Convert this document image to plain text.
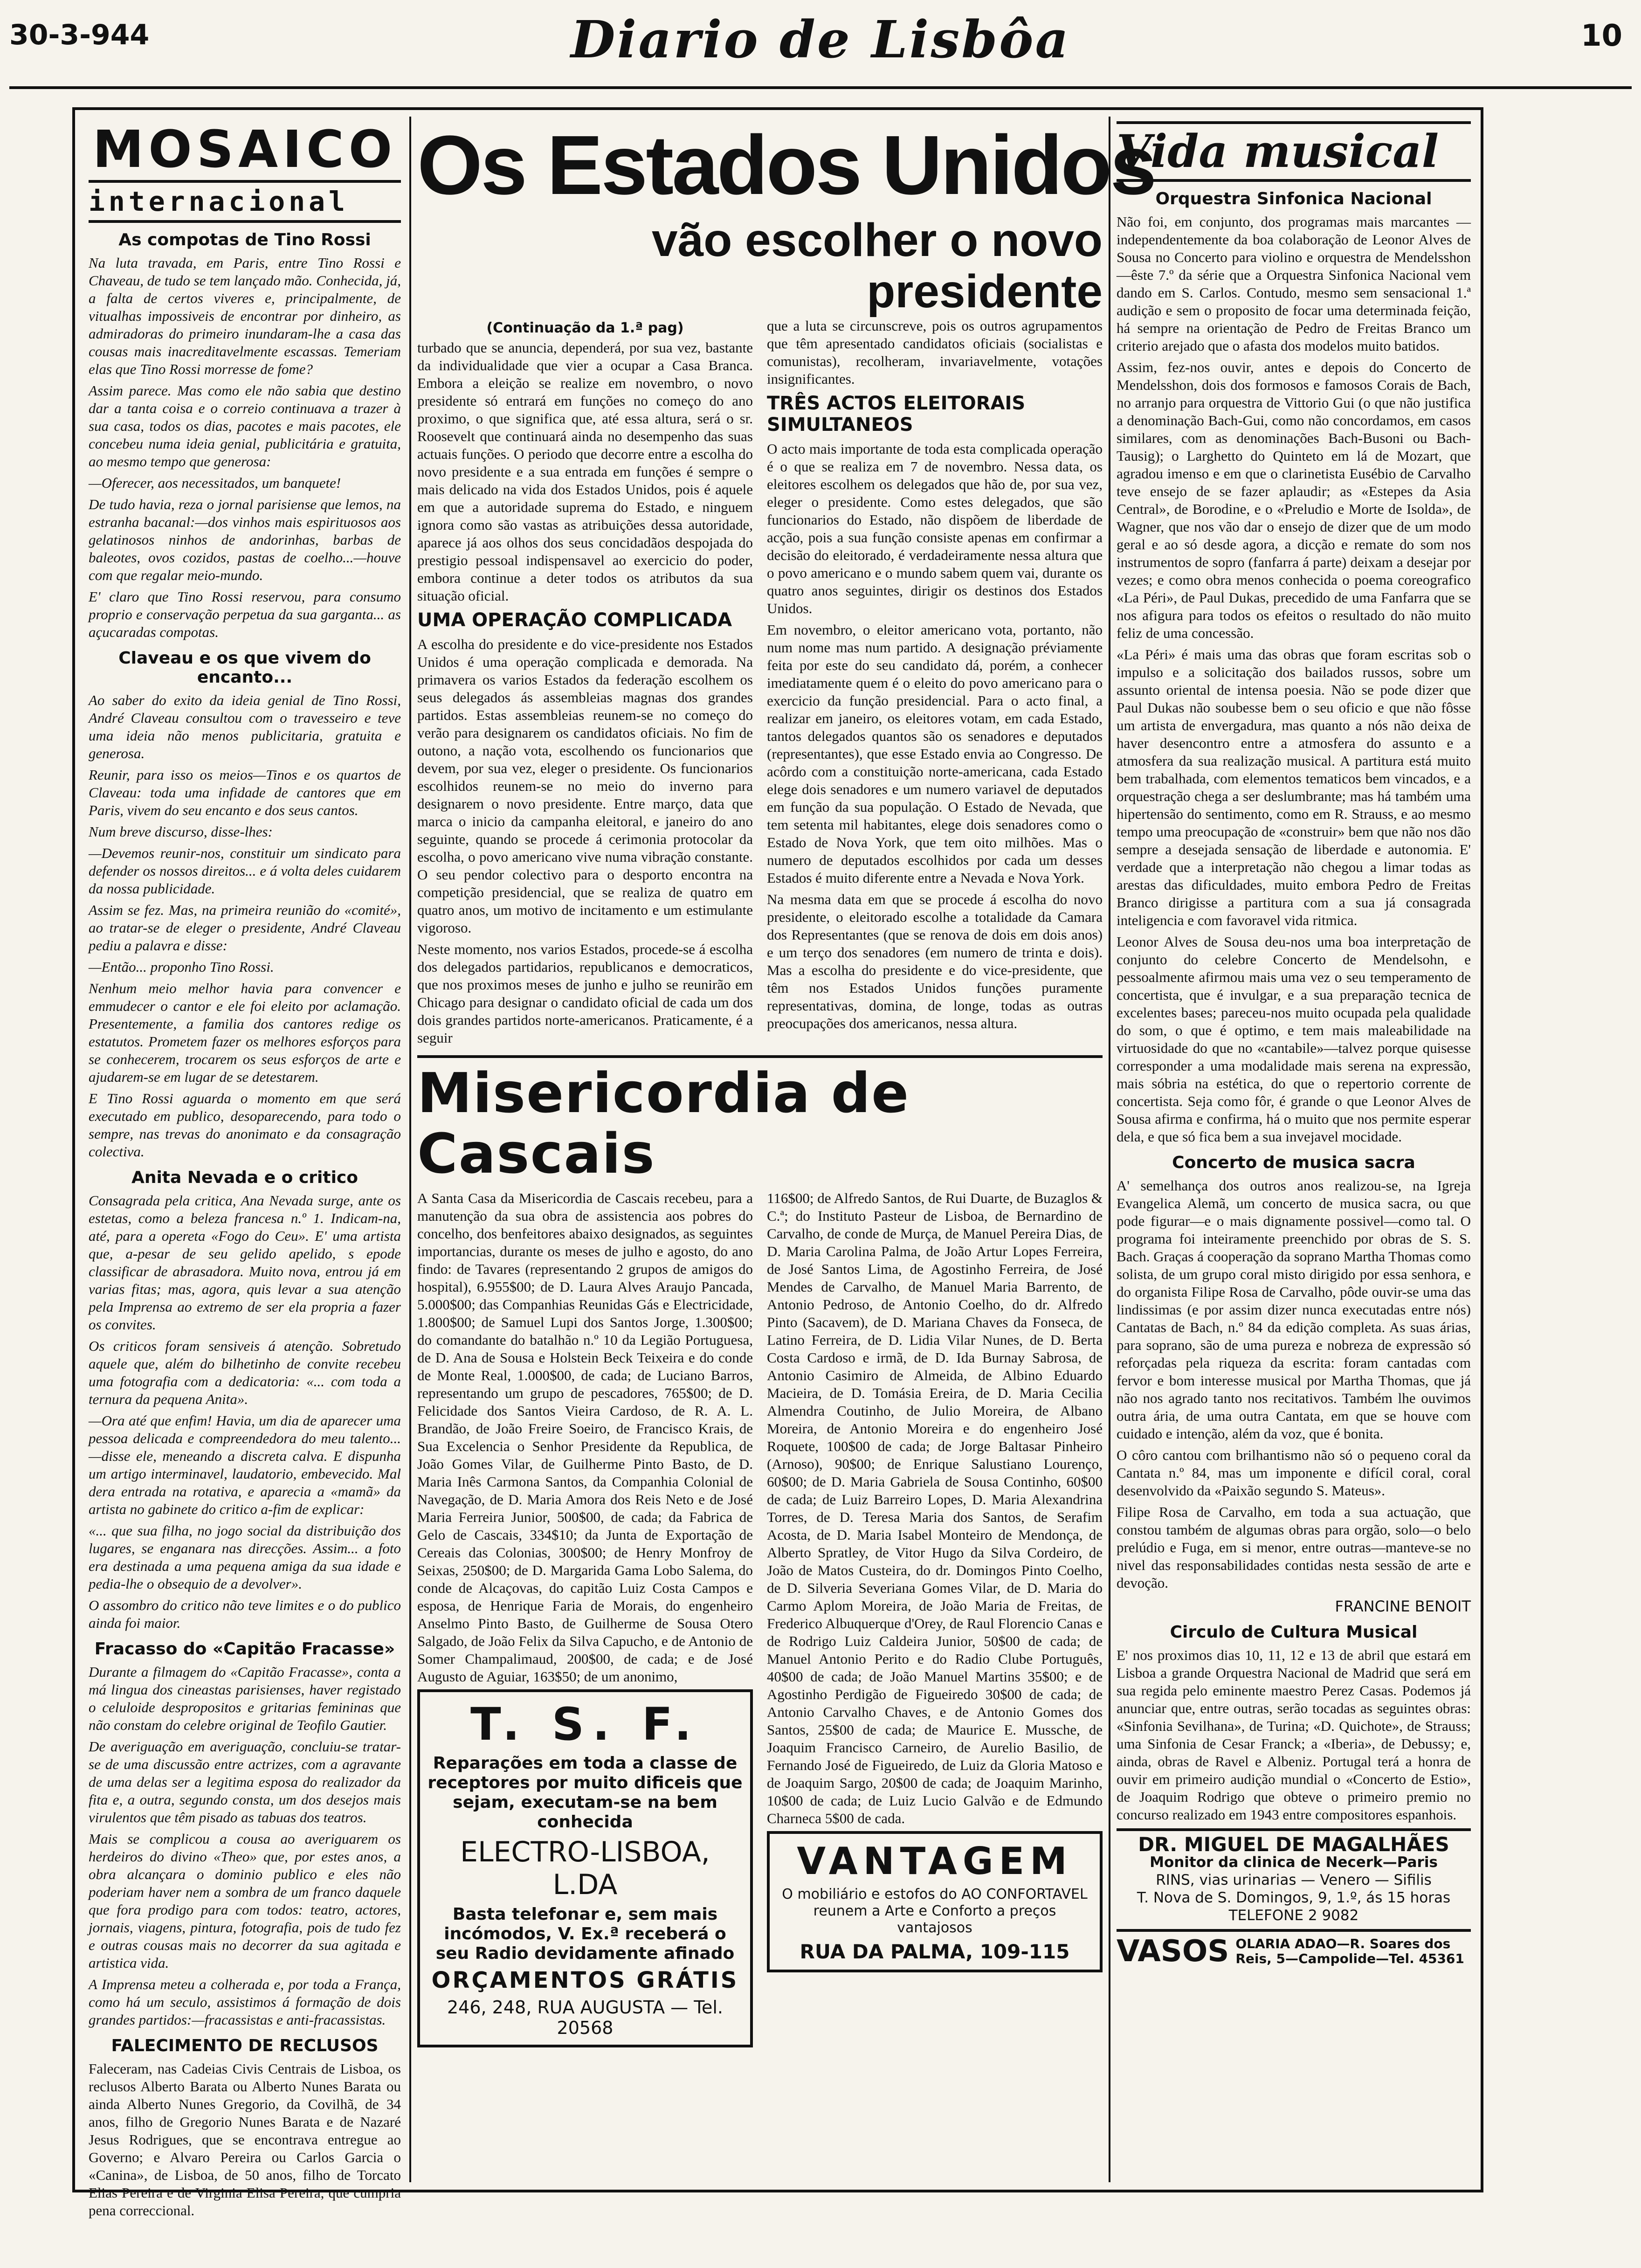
30-3-944	Diario de Lisbôa	10
MOSAICO
internacional
As compotas de Tino Rossi

Na luta travada, em Paris, entre Tino Rossi e Chaveau, de tudo se tem lançado mão. Conhecida, já, a falta de certos viveres e, principalmente, de vitualhas impossiveis de encontrar por dinheiro, as admiradoras do primeiro inundaram-lhe a casa das cousas mais inacreditavelmente escassas. Temeriam elas que Tino Rossi morresse de fome?

Assim parece. Mas como ele não sabia que destino dar a tanta coisa e o correio continuava a trazer à sua casa, todos os dias, pacotes e mais pacotes, ele concebeu numa ideia genial, publicitária e gratuita, ao mesmo tempo que generosa:

—Oferecer, aos necessitados, um banquete!

De tudo havia, reza o jornal parisiense que lemos, na estranha bacanal:—dos vinhos mais espirituosos aos gelatinosos ninhos de andorinhas, barbas de baleotes, ovos cozidos, pastas de coelho...—houve com que regalar meio-mundo.

E' claro que Tino Rossi reservou, para consumo proprio e conservação perpetua da sua garganta... as açucaradas compotas.

Claveau e os que vivem do encanto...

Ao saber do exito da ideia genial de Tino Rossi, André Claveau consultou com o travesseiro e teve uma ideia não menos publicitaria, gratuita e generosa.

Reunir, para isso os meios—Tinos e os quartos de Claveau: toda uma infidade de cantores que em Paris, vivem do seu encanto e dos seus cantos.

Num breve discurso, disse-lhes:

—Devemos reunir-nos, constituir um sindicato para defender os nossos direitos... e á volta deles cuidarem da nossa publicidade.

Assim se fez. Mas, na primeira reunião do «comité», ao tratar-se de eleger o presidente, André Claveau pediu a palavra e disse:

—Então... proponho Tino Rossi.

Nenhum meio melhor havia para convencer e emmudecer o cantor e ele foi eleito por aclamação. Presentemente, a familia dos cantores redige os estatutos. Prometem fazer os melhores esforços para se conhecerem, trocarem os seus esforços de arte e ajudarem-se em lugar de se detestarem.

E Tino Rossi aguarda o momento em que será executado em publico, desoparecendo, para todo o sempre, nas trevas do anonimato e da consagração colectiva.

Anita Nevada e o critico

Consagrada pela critica, Ana Nevada surge, ante os estetas, como a beleza francesa n.º 1. Indicam-na, até, para a opereta «Fogo do Ceu». E' uma artista que, a-pesar de seu gelido apelido, s epode classificar de abrasadora. Muito nova, entrou já em varias fitas; mas, agora, quis levar a sua atenção pela Imprensa ao extremo de ser ela propria a fazer os convites.

Os criticos foram sensiveis á atenção. Sobretudo aquele que, além do bilhetinho de convite recebeu uma fotografia com a dedicatoria: «... com toda a ternura da pequena Anita».

—Ora até que enfim! Havia, um dia de aparecer uma pessoa delicada e compreendedora do meu talento...—disse ele, meneando a discreta calva. E dispunha um artigo interminavel, laudatorio, embevecido. Mal dera entrada na rotativa, e aparecia a «mamã» da artista no gabinete do critico a-fim de explicar:

«... que sua filha, no jogo social da distribuição dos lugares, se enganara nas direcções. Assim... a foto era destinada a uma pequena amiga da sua idade e pedia-lhe o obsequio de a devolver».

O assombro do critico não teve limites e o do publico ainda foi maior.

Fracasso do «Capitão Fracasse»

Durante a filmagem do «Capitão Fracasse», conta a má lingua dos cineastas parisienses, haver registado o celuloide despropositos e gritarias femininas que não constam do celebre original de Teofilo Gautier.

De averiguação em averiguação, concluiu-se tratar-se de uma discussão entre actrizes, com a agravante de uma delas ser a legitima esposa do realizador da fita e, a outra, segundo consta, um dos desejos mais virulentos que têm pisado as tabuas dos teatros.

Mais se complicou a cousa ao averiguarem os herdeiros do divino «Theo» que, por estes anos, a obra alcançara o dominio publico e eles não poderiam haver nem a sombra de um franco daquele que fora prodigo para com todos: teatro, actores, jornais, viagens, pintura, fotografia, pois de tudo fez e outras cousas mais no decorrer da sua agitada e artistica vida.

A Imprensa meteu a colherada e, por toda a França, como há um seculo, assistimos á formação de dois grandes partidos:—fracassistas e anti-fracassistas.

FALECIMENTO DE RECLUSOS

Faleceram, nas Cadeias Civis Centrais de Lisboa, os reclusos Alberto Barata ou Alberto Nunes Barata ou ainda Alberto Nunes Gregorio, da Covilhã, de 34 anos, filho de Gregorio Nunes Barata e de Nazaré Jesus Rodrigues, que se encontrava entregue ao Governo; e Alvaro Pereira ou Carlos Garcia o «Canina», de Lisboa, de 50 anos, filho de Torcato Elias Pereira e de Virginia Elisa Pereira, que cumpria pena correccional.

Os Estados Unidos
vão escolher o novo presidente
(Continuação da 1.ª pag)

turbado que se anuncia, dependerá, por sua vez, bastante da individualidade que vier a ocupar a Casa Branca. Embora a eleição se realize em novembro, o novo presidente só entrará em funções no começo do ano proximo, o que significa que, até essa altura, será o sr. Roosevelt que continuará ainda no desempenho das suas actuais funções. O periodo que decorre entre a escolha do novo presidente e a sua entrada em funções é sempre o mais delicado na vida dos Estados Unidos, pois é aquele em que a autoridade suprema do Estado, e ninguem ignora como são vastas as atribuições dessa autoridade, aparece já aos olhos dos seus concidadãos despojada do prestigio pessoal indispensavel ao exercicio do poder, embora continue a deter todos os atributos da sua situação oficial.

UMA OPERAÇÃO COMPLICADA

A escolha do presidente e do vice-presidente nos Estados Unidos é uma operação complicada e demorada. Na primavera os varios Estados da federação escolhem os seus delegados ás assembleias magnas dos grandes partidos. Estas assembleias reunem-se no começo do verão para designarem os candidatos oficiais. No fim de outono, a nação vota, escolhendo os funcionarios que devem, por sua vez, eleger o presidente. Os funcionarios escolhidos reunem-se no meio do inverno para designarem o novo presidente. Entre março, data que marca o inicio da campanha eleitoral, e janeiro do ano seguinte, quando se procede á cerimonia protocolar da escolha, o povo americano vive numa vibração constante. O seu pendor colectivo para o desporto encontra na competição presidencial, que se realiza de quatro em quatro anos, um motivo de incitamento e um estimulante vigoroso.

Neste momento, nos varios Estados, procede-se á escolha dos delegados partidarios, republicanos e democraticos, que nos proximos meses de junho e julho se reunirão em Chicago para designar o candidato oficial de cada um dos dois grandes partidos norte-americanos. Praticamente, é a seguir

que a luta se circunscreve, pois os outros agrupamentos que têm apresentado candidatos oficiais (socialistas e comunistas), recolheram, invariavelmente, votações insignificantes.

TRÊS ACTOS ELEITORAIS SIMULTANEOS

O acto mais importante de toda esta complicada operação é o que se realiza em 7 de novembro. Nessa data, os eleitores escolhem os delegados que hão de, por sua vez, eleger o presidente. Como estes delegados, que são funcionarios do Estado, não dispõem de liberdade de acção, pois a sua função consiste apenas em confirmar a decisão do eleitorado, é verdadeiramente nessa altura que o povo americano e o mundo sabem quem vai, durante os quatro anos seguintes, dirigir os destinos dos Estados Unidos.

Em novembro, o eleitor americano vota, portanto, não num nome mas num partido. A designação préviamente feita por este do seu candidato dá, porém, a conhecer imediatamente quem é o eleito do povo americano para o exercicio da função presidencial. Para o acto final, a realizar em janeiro, os eleitores votam, em cada Estado, tantos delegados quantos são os senadores e deputados (representantes), que esse Estado envia ao Congresso. De acôrdo com a constituição norte-americana, cada Estado elege dois senadores e um numero variavel de deputados em função da sua população. O Estado de Nevada, que tem setenta mil habitantes, elege dois senadores como o Estado de Nova York, que tem oito milhões. Mas o numero de deputados escolhidos por cada um desses Estados é muito diferente entre a Nevada e Nova York.

Na mesma data em que se procede á escolha do novo presidente, o eleitorado escolhe a totalidade da Camara dos Representantes (que se renova de dois em dois anos) e um terço dos senadores (em numero de trinta e dois). Mas a escolha do presidente e do vice-presidente, que têm nos Estados Unidos funções puramente representativas, domina, de longe, todas as outras preocupações dos americanos, nessa altura.

Misericordia de Cascais

A Santa Casa da Misericordia de Cascais recebeu, para a manutenção da sua obra de assistencia aos pobres do concelho, dos benfeitores abaixo designados, as seguintes importancias, durante os meses de julho e agosto, do ano findo: de Tavares (representando 2 grupos de amigos do hospital), 6.955$00; de D. Laura Alves Araujo Pancada, 5.000$00; das Companhias Reunidas Gás e Electricidade, 1.800$00; de Samuel Lupi dos Santos Jorge, 1.300$00; do comandante do batalhão n.º 10 da Legião Portuguesa, de D. Ana de Sousa e Holstein Beck Teixeira e do conde de Monte Real, 1.000$00, de cada; de Luciano Barros, representando um grupo de pescadores, 765$00; de D. Felicidade dos Santos Vieira Cardoso, de R. A. L. Brandão, de João Freire Soeiro, de Francisco Krais, de Sua Excelencia o Senhor Presidente da Republica, de João Gomes Vilar, de Guilherme Pinto Basto, de D. Maria Inês Carmona Santos, da Companhia Colonial de Navegação, de D. Maria Amora dos Reis Neto e de José Maria Ferreira Junior, 500$00, de cada; da Fabrica de Gelo de Cascais, 334$10; da Junta de Exportação de Cereais das Colonias, 300$00; de Henry Monfroy de Seixas, 250$00; de D. Margarida Gama Lobo Salema, do conde de Alcaçovas, do capitão Luiz Costa Campos e esposa, de Henrique Faria de Morais, do engenheiro Anselmo Pinto Basto, de Guilherme de Sousa Otero Salgado, de João Felix da Silva Capucho, e de Antonio de Somer Champalimaud, 200$00, de cada; e de José Augusto de Aguiar, 163$50; de um anonimo,

T. S. F.
Reparações em toda a classe de receptores por muito dificeis que sejam, executam-se na bem conhecida
ELECTRO-LISBOA, L.DA
Basta telefonar e, sem mais incómodos, V. Ex.ª receberá o seu Radio devidamente afinado
ORÇAMENTOS GRÁTIS
246, 248, RUA AUGUSTA — Tel. 20568

116$00; de Alfredo Santos, de Rui Duarte, de Buzaglos & C.ª; do Instituto Pasteur de Lisboa, de Bernardino de Carvalho, de conde de Murça, de Manuel Pereira Dias, de D. Maria Carolina Palma, de João Artur Lopes Ferreira, de José Santos Lima, de Agostinho Ferreira, de José Mendes de Carvalho, de Manuel Maria Barrento, de Antonio Pedroso, de Antonio Coelho, do dr. Alfredo Pinto (Sacavem), de D. Mariana Chaves da Fonseca, de Latino Ferreira, de D. Lidia Vilar Nunes, de D. Berta Costa Cardoso e irmã, de D. Ida Burnay Sabrosa, de Antonio Casimiro de Almeida, de Albino Eduardo Macieira, de D. Tomásia Ereira, de D. Maria Cecilia Almendra Coutinho, de Julio Moreira, de Albano Moreira, de Antonio Moreira e do engenheiro José Roquete, 100$00 de cada; de Jorge Baltasar Pinheiro (Arnoso), 90$00; de Enrique Salustiano Lourenço, 60$00; de D. Maria Gabriela de Sousa Continho, 60$00 de cada; de Luiz Barreiro Lopes, D. Maria Alexandrina Torres, de D. Teresa Maria dos Santos, de Serafim Acosta, de D. Maria Isabel Monteiro de Mendonça, de Alberto Spratley, de Vitor Hugo da Silva Cordeiro, de João de Matos Custeira, do dr. Domingos Pinto Coelho, de D. Silveria Severiana Gomes Vilar, de D. Maria do Carmo Aplom Moreira, de João Maria de Freitas, de Frederico Albuquerque d'Orey, de Raul Florencio Canas e de Rodrigo Luiz Caldeira Junior, 50$00 de cada; de Manuel Antonio Perito e do Radio Clube Português, 40$00 de cada; de João Manuel Martins 35$00; e de Agostinho Perdigão de Figueiredo 30$00 de cada; de Antonio Carvalho Chaves, e de Antonio Gomes dos Santos, 25$00 de cada; de Maurice E. Mussche, de Joaquim Francisco Carneiro, de Aurelio Basilio, de Fernando José de Figueiredo, de Luiz da Gloria Matoso e de Joaquim Sargo, 20$00 de cada; de Joaquim Marinho, 10$00 de cada; de Luiz Lucio Galvão e de Edmundo Charneca 5$00 de cada.

VANTAGEM
O mobiliário e estofos do AO CONFORTAVEL reunem a Arte e Conforto a preços vantajosos
RUA DA PALMA, 109-115
Vida musical
Orquestra Sinfonica Nacional

Não foi, em conjunto, dos programas mais marcantes — independentemente da boa colaboração de Leonor Alves de Sousa no Concerto para violino e orquestra de Mendelsshon—êste 7.º da série que a Orquestra Sinfonica Nacional vem dando em S. Carlos. Contudo, mesmo sem sensacional 1.ª audição e sem o proposito de focar uma determinada feição, há sempre na orientação de Pedro de Freitas Branco um criterio arejado que o afasta dos modelos muito batidos.

Assim, fez-nos ouvir, antes e depois do Concerto de Mendelsshon, dois dos formosos e famosos Corais de Bach, no arranjo para orquestra de Vittorio Gui (o que não justifica a denominação Bach-Gui, como não concordamos, em casos similares, com as denominações Bach-Busoni ou Bach-Tausig); o Larghetto do Quinteto em lá de Mozart, que agradou imenso e em que o clarinetista Eusébio de Carvalho teve ensejo de se fazer aplaudir; as «Estepes da Asia Central», de Borodine, e o «Preludio e Morte de Isolda», de Wagner, que nos vão dar o ensejo de dizer que de um modo geral e ao só desde agora, a dicção e remate do som nos instrumentos de sopro (fanfarra á parte) deixam a desejar por vezes; e como obra menos conhecida o poema coreografico «La Péri», de Paul Dukas, precedido de uma Fanfarra que se nos afigura para todos os efeitos o resultado do não muito feliz de uma concessão.

«La Péri» é mais uma das obras que foram escritas sob o impulso e a solicitação dos bailados russos, sobre um assunto oriental de intensa poesia. Não se pode dizer que Paul Dukas não soubesse bem o seu oficio e que não fôsse um artista de envergadura, mas quanto a nós não deixa de haver desencontro entre a atmosfera do assunto e a atmosfera da sua realização musical. A partitura está muito bem trabalhada, com elementos tematicos bem vincados, e a orquestração chega a ser deslumbrante; mas há também uma hipertensão do sentimento, como em R. Strauss, e ao mesmo tempo uma preocupação de «construir» bem que não nos dão sempre a desejada sensação de liberdade e autonomia. E' verdade que a interpretação não chegou a limar todas as arestas das dificuldades, muito embora Pedro de Freitas Branco dirigisse a partitura com a sua já consagrada inteligencia e com favoravel vida ritmica.

Leonor Alves de Sousa deu-nos uma boa interpretação de conjunto do celebre Concerto de Mendelsohn, e pessoalmente afirmou mais uma vez o seu temperamento de concertista, que é invulgar, e a sua preparação tecnica de excelentes bases; pareceu-nos muito ocupada pela qualidade do som, o que é optimo, e tem mais maleabilidade na virtuosidade do que no «cantabile»—talvez porque quisesse corresponder a uma modalidade mais serena na expressão, mais sóbria na estética, do que o repertorio corrente de concertista. Seja como fôr, é grande o que Leonor Alves de Sousa afirma e confirma, há o muito que nos permite esperar dela, e que só fica bem a sua invejavel mocidade.

Concerto de musica sacra

A' semelhança dos outros anos realizou-se, na Igreja Evangelica Alemã, um concerto de musica sacra, ou que pode figurar—e o mais dignamente possivel—como tal. O programa foi inteiramente preenchido por obras de S. S. Bach. Graças á cooperação da soprano Martha Thomas como solista, de um grupo coral misto dirigido por essa senhora, e do organista Filipe Rosa de Carvalho, pôde ouvir-se uma das lindissimas (e por assim dizer nunca executadas entre nós) Cantatas de Bach, n.º 84 da edição completa. As suas árias, para soprano, são de uma pureza e nobreza de expressão só reforçadas pela riqueza da escrita: foram cantadas com fervor e bom interesse musical por Martha Thomas, que já não nos agrado tanto nos recitativos. Também lhe ouvimos outra ária, de uma outra Cantata, em que se houve com cuidado e intenção, além da voz, que é bonita.

O côro cantou com brilhantismo não só o pequeno coral da Cantata n.º 84, mas um imponente e difícil coral, coral desenvolvido da «Paixão segundo S. Mateus».

Filipe Rosa de Carvalho, em toda a sua actuação, que constou também de algumas obras para orgão, solo—o belo prelúdio e Fuga, em si menor, entre outras—manteve-se no nivel das responsabilidades contidas nesta sessão de arte e devoção.

FRANCINE BENOIT
Circulo de Cultura Musical

E' nos proximos dias 10, 11, 12 e 13 de abril que estará em Lisboa a grande Orquestra Nacional de Madrid que será em sua regida pelo eminente maestro Perez Casas. Podemos já anunciar que, entre outras, serão tocadas as seguintes obras: «Sinfonia Sevilhana», de Turina; «D. Quichote», de Strauss; uma Sinfonia de Cesar Franck; a «Iberia», de Debussy; e, ainda, obras de Ravel e Albeniz. Portugal terá a honra de ouvir em primeiro audição mundial o «Concerto de Estio», de Joaquim Rodrigo que obteve o primeiro premio no concurso realizado em 1943 entre compositores espanhois.

DR. MIGUEL DE MAGALHÃES
Monitor da clinica de Necerk—Paris
RINS, vias urinarias — Venero — Sifilis
T. Nova de S. Domingos, 9, 1.º, ás 15 horas
TELEFONE 2 9082
VASOS OLARIA ADAO—R. Soares dos Reis, 5—Campolide—Tel. 45361
